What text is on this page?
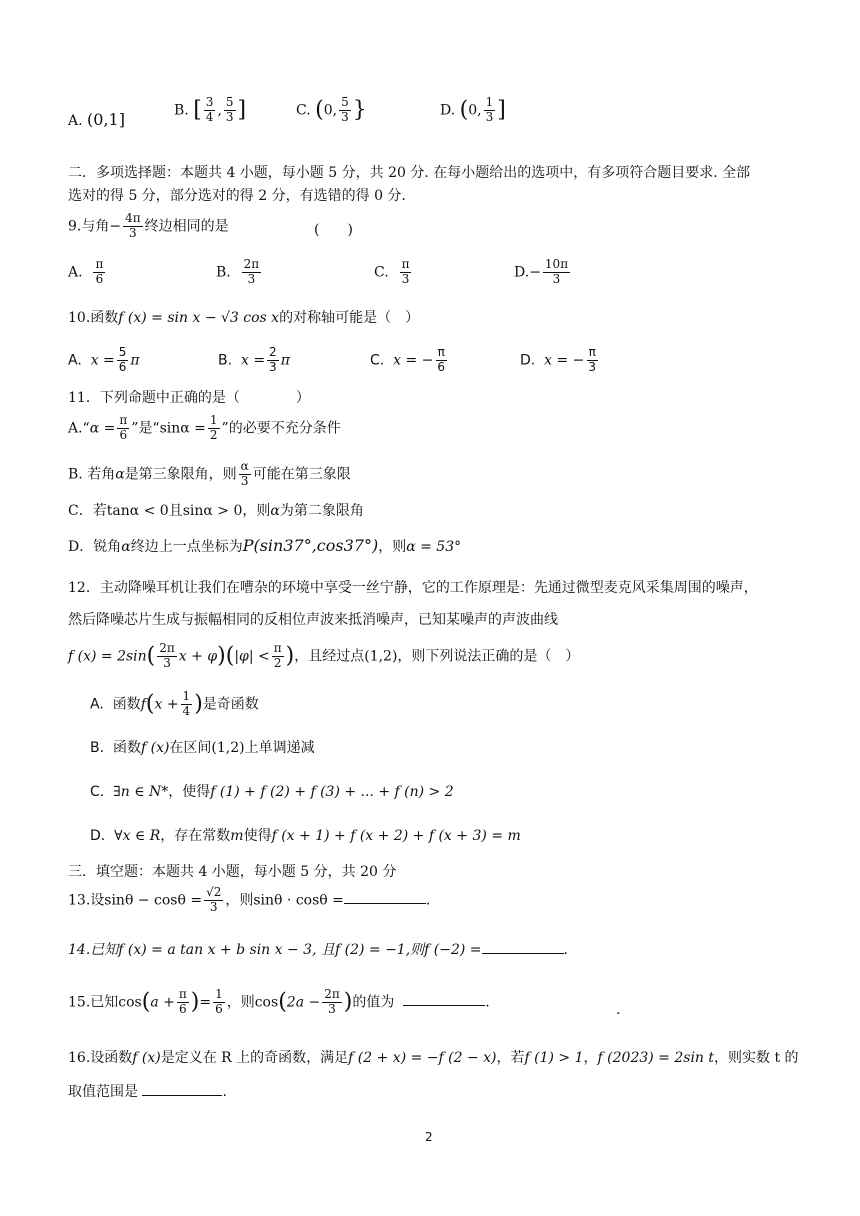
A. (0,1]	B. [ $\frac{3}{4}$ , $\frac{5}{3}$ ]	C. (0, $\frac{5}{3}$ }	D. (0, $\frac{1}{3}$ ]
二．多项选择题：本题共 4 小题，每小题 5 分，共 20 分. 在每小题给出的选项中，有多项符合题目要求. 全部
选对的得 5 分，部分选对的得 2 分，有选错的得 0 分.
9.与角− $\frac{4\pi}{3}$ 终边相同的是	(　　)
A. $\frac{\pi}{6}$	B. $\frac{2\pi}{3}$	C. $\frac{\pi}{3}$	$D.- \frac{10\pi}{3}$
10.函数f (x) = sin x − √3 cos x的对称轴可能是（　）
A. $x = \frac{5}{6}$ π	B. $x = \frac{2}{3}$ π	C. x = − $\frac{\pi}{6}$	D. x = − $\frac{\pi}{3}$
11．下列命题中正确的是（　　　　）
A.“α = $\frac{\pi}{6}$ ”是“$\sin\alpha = \frac{1}{2}$ ”的必要不充分条件
B. 若角α是第三象限角，则 $\frac{\alpha}{3}$ 可能在第三象限
C．若tanα < 0且sinα > 0，则α为第二象限角
D．锐角α终边上一点坐标为P(sin37°,cos37°)，则α = 53°
12．主动降噪耳机让我们在嘈杂的环境中享受一丝宁静，它的工作原理是：先通过微型麦克风采集周围的噪声，
然后降噪芯片生成与振幅相同的反相位声波来抵消噪声，已知某噪声的声波曲线
f $(x) = 2\sin( \frac{2\pi}{3}$ $x + \varphi)(|\varphi| < \frac{\pi}{2}$ )，且经过点(1,2)，则下列说法正确的是（　）
A. 函数$f(x + \frac{1}{4}$ )是奇函数
B. 函数f (x)在区间(1,2)上单调递减
C. ∃n ∈ N*，使得f (1) + f (2) + f (3) + ... + f (n) > 2
D. ∀x ∈ R，存在常数m使得f (x + 1) + f (x + 2) + f (x + 3) = m
三．填空题：本题共 4 小题，每小题 5 分，共 20 分
13.设$\sin\theta - \cos\theta = \frac{√2}{3}$ ，则sinθ · cosθ =	.
14.已知f (x) = a tan x + b sin x − 3, 且f (2) = −1,则f (−2) =	.
15.已知$\cos(a + \frac{\pi}{6}$ )= $\frac{1}{6}$ ，则$\cos(2a - \frac{2\pi}{3}$ )的值为	.	.
16.设函数f (x)是定义在 R 上的奇函数，满足f (2 + x) = −f (2 − x)，若f (1) > 1，f (2023) = 2sin t，则实数 t 的
取值范围是	.
2
